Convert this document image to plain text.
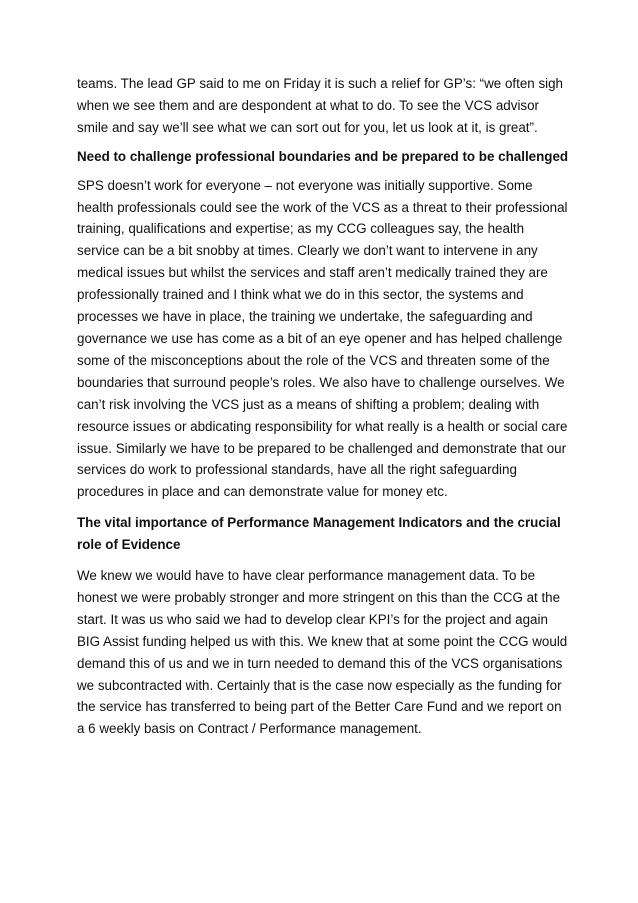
teams. The lead GP said to me on Friday it is such a relief for GP’s: “we often sigh when we see them and are despondent at what to do. To see the VCS advisor smile and say we’ll see what we can sort out for you, let us look at it, is great”.

Need to challenge professional boundaries and be prepared to be challenged

SPS doesn’t work for everyone – not everyone was initially supportive. Some health professionals could see the work of the VCS as a threat to their professional training, qualifications and expertise; as my CCG colleagues say, the health service can be a bit snobby at times. Clearly we don’t want to intervene in any medical issues but whilst the services and staff aren’t medically trained they are professionally trained and I think what we do in this sector, the systems and processes we have in place, the training we undertake, the safeguarding and governance we use has come as a bit of an eye opener and has helped challenge some of the misconceptions about the role of the VCS and threaten some of the boundaries that surround people’s roles. We also have to challenge ourselves. We can’t risk involving the VCS just as a means of shifting a problem; dealing with resource issues or abdicating responsibility for what really is a health or social care issue. Similarly we have to be prepared to be challenged and demonstrate that our services do work to professional standards, have all the right safeguarding procedures in place and can demonstrate value for money etc.

The vital importance of Performance Management Indicators and the crucial role of Evidence

We knew we would have to have clear performance management data. To be honest we were probably stronger and more stringent on this than the CCG at the start. It was us who said we had to develop clear KPI’s for the project and again BIG Assist funding helped us with this. We knew that at some point the CCG would demand this of us and we in turn needed to demand this of the VCS organisations we subcontracted with. Certainly that is the case now especially as the funding for the service has transferred to being part of the Better Care Fund and we report on a 6 weekly basis on Contract / Performance management.
